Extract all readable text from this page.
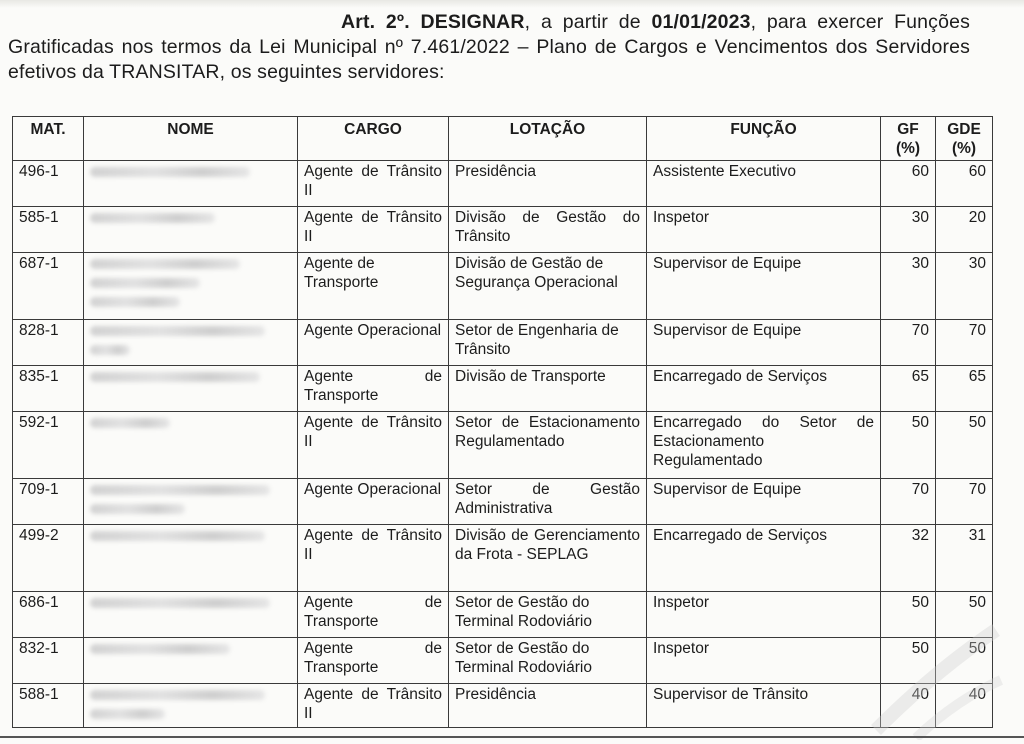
Art. 2º. DESIGNAR, a partir de 01/01/2023, para exercer Funções Gratificadas nos termos da Lei Municipal nº 7.461/2022 – Plano de Cargos e Vencimentos dos Servidores efetivos da TRANSITAR, os seguintes servidores:
MAT.	NOME	CARGO	LOTAÇÃO	FUNÇÃO	GF (%)	GDE (%)
496-1		Agente de Trânsito II	Presidência	Assistente Executivo	60	60
585-1		Agente de Trânsito II	Divisão de Gestão do Trânsito	Inspetor	30	20
687-1		Agente de Transporte	Divisão de Gestão de Segurança Operacional	Supervisor de Equipe	30	30
828-1		Agente Operacional	Setor de Engenharia de Trânsito	Supervisor de Equipe	70	70
835-1		Agente de Transporte	Divisão de Transporte	Encarregado de Serviços	65	65
592-1		Agente de Trânsito II	Setor de Estacionamento Regulamentado	Encarregado do Setor de Estacionamento Regulamentado	50	50
709-1		Agente Operacional	Setor de Gestão Administrativa	Supervisor de Equipe	70	70
499-2		Agente de Trânsito II	Divisão de Gerenciamento da Frota - SEPLAG	Encarregado de Serviços	32	31
686-1		Agente de Transporte	Setor de Gestão do Terminal Rodoviário	Inspetor	50	50
832-1		Agente de Transporte	Setor de Gestão do Terminal Rodoviário	Inspetor	50	50
588-1		Agente de Trânsito II	Presidência	Supervisor de Trânsito	40	40
